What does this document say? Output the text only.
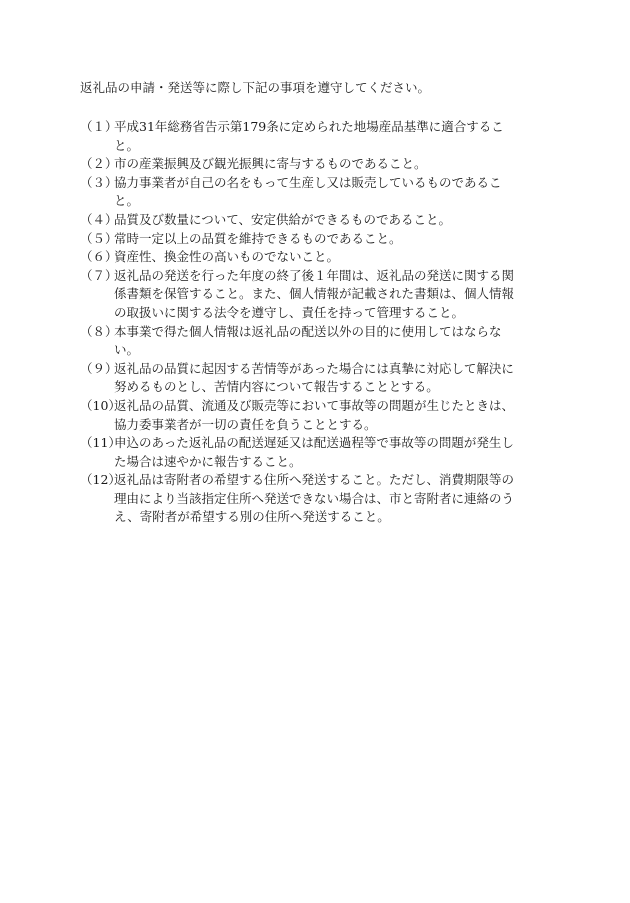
返礼品の申請・発送等に際し下記の事項を遵守してください。
（１）
平成31年総務省告示第179条に定められた地場産品基準に適合すること。
（２）
市の産業振興及び観光振興に寄与するものであること。
（３）
協力事業者が自己の名をもって生産し又は販売しているものであること。
（４）
品質及び数量について、安定供給ができるものであること。
（５）
常時一定以上の品質を維持できるものであること。
（６）
資産性、換金性の高いものでないこと。
（７）
返礼品の発送を行った年度の終了後１年間は、返礼品の発送に関する関係書類を保管すること。また、個人情報が記載された書類は、個人情報の取扱いに関する法令を遵守し、責任を持って管理すること。
（８）
本事業で得た個人情報は返礼品の配送以外の目的に使用してはならない。
（９）
返礼品の品質に起因する苦情等があった場合には真摯に対応して解決に努めるものとし、苦情内容について報告することとする。
（10）
返礼品の品質、流通及び販売等において事故等の問題が生じたときは、協力委事業者が一切の責任を負うこととする。
（11）
申込のあった返礼品の配送遅延又は配送過程等で事故等の問題が発生した場合は速やかに報告すること。
（12）
返礼品は寄附者の希望する住所へ発送すること。ただし、消費期限等の理由により当該指定住所へ発送できない場合は、市と寄附者に連絡のうえ、寄附者が希望する別の住所へ発送すること。
